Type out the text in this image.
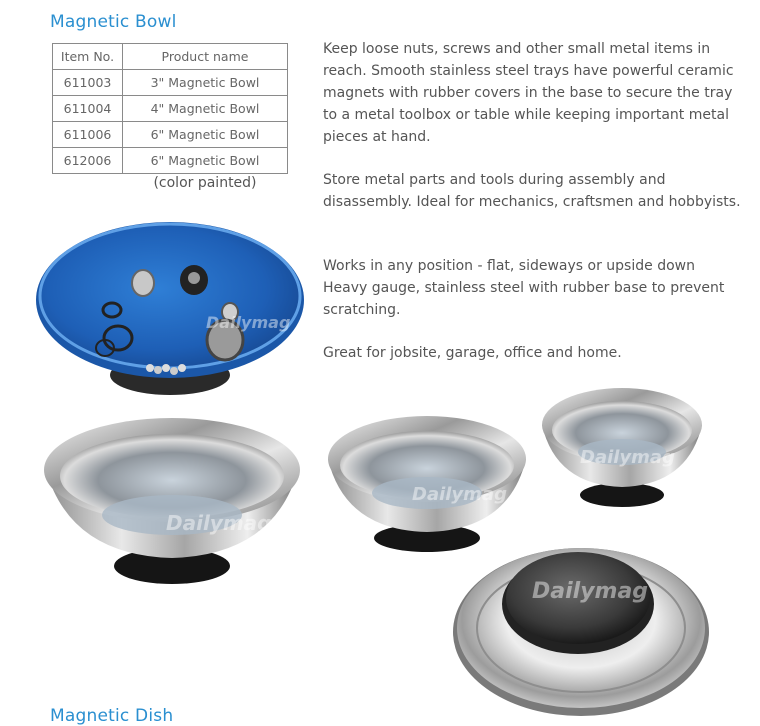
Magnetic Bowl
Item No.	Product name
611003	3" Magnetic Bowl
611004	4" Magnetic Bowl
611006	6" Magnetic Bowl
612006	6" Magnetic Bowl
(color painted)

Keep loose nuts, screws and other small metal items in reach. Smooth stainless steel trays have powerful ceramic magnets with rubber covers in the base to secure the tray to a metal toolbox or table while keeping important metal pieces at hand.

Store metal parts and tools during assembly and disassembly. Ideal for mechanics, craftsmen and hobbyists.

Works in any position - flat, sideways or upside down Heavy gauge, stainless steel with rubber base to prevent scratching.

Great for jobsite, garage, office and home.

Dailymag
Dailymag
Dailymag
Dailymag
Dailymag
Magnetic Dish
